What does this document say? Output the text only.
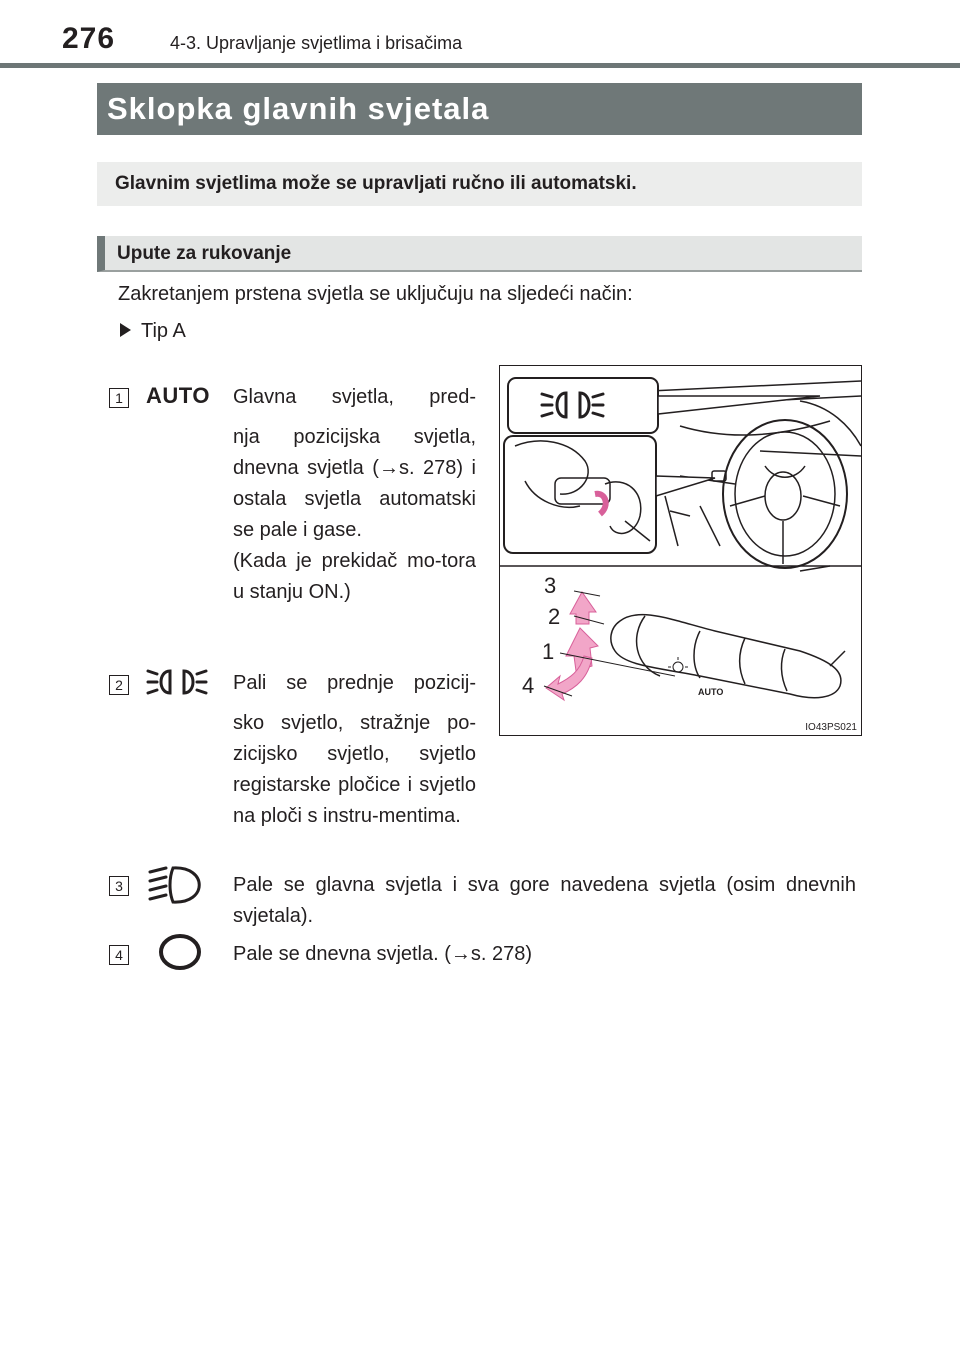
276	4-3. Upravljanje svjetlima i brisačima
Sklopka glavnih svjetala
Glavnim svjetlima može se upravljati ručno ili automatski.
Upute za rukovanje
Zakretanjem prstena svjetla se uključuju na sljedeći način:
Tip A
1 AUTO Glavna svjetla, pred-

nja pozicijska svjetla, dnevna svjetla (→s. 278) i ostala svjetla automatski se pale i gase.

(Kada je prekidač mo-tora u stanju ON.)

2	Pali se prednje pozicij-

sko svjetlo, stražnje po-zicijsko svjetlo, svjetlo registarske pločice i svjetlo na ploči s instru-mentima.

3	Pale se glavna svjetla i sva gore navedena svjetla (osim dnevnih svjetala).
4	Pale se dnevna svjetla. (→s. 278)
AUTO
3
2
1
4
IO43PS021
